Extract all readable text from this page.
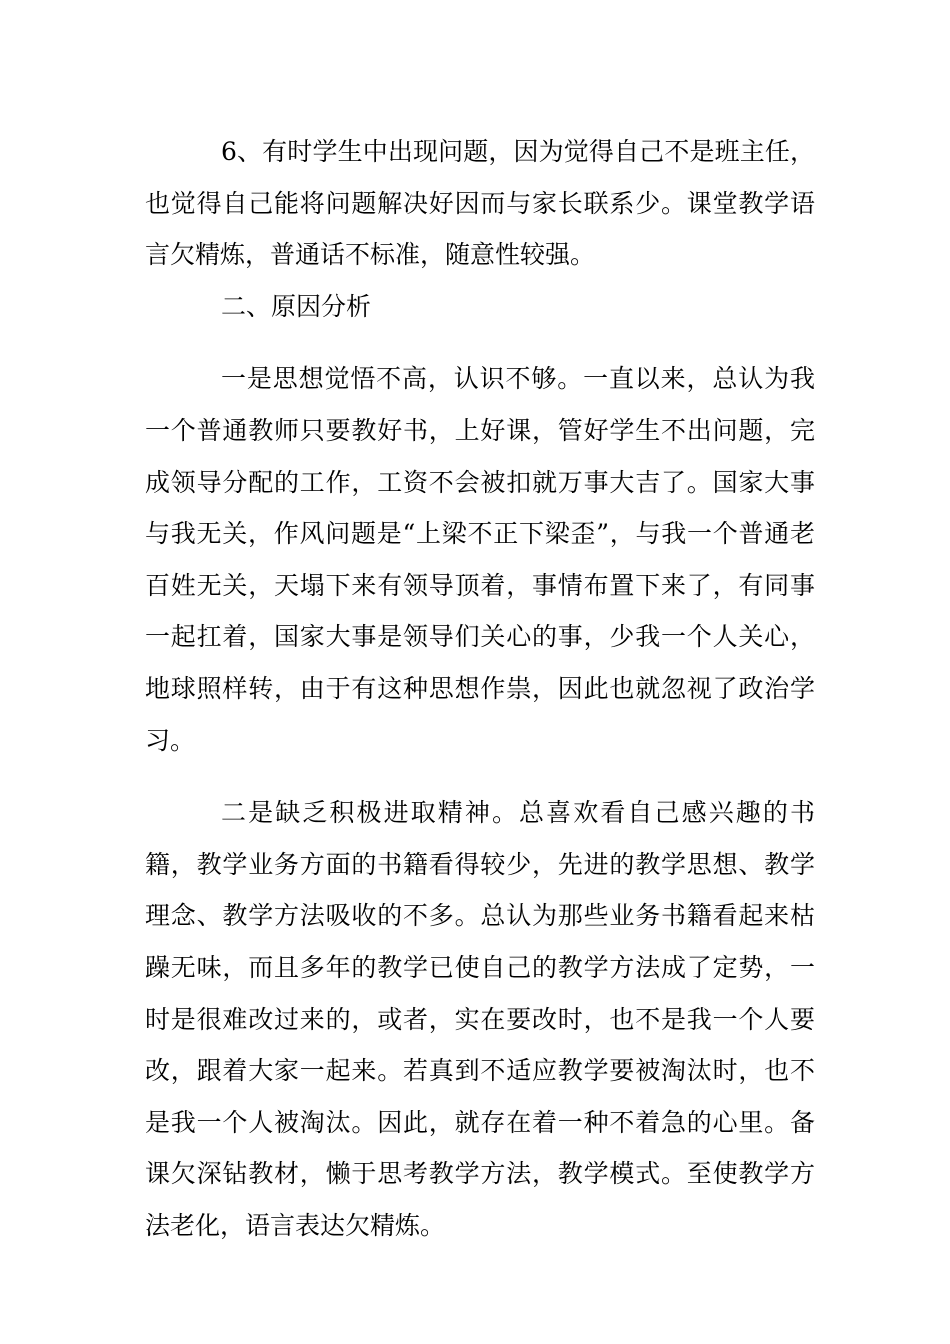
6、有时学生中出现问题，因为觉得自己不是班主任，也觉得自己能将问题解决好因而与家长联系少。课堂教学语言欠精炼，普通话不标准，随意性较强。

二、原因分析

一是思想觉悟不高，认识不够。一直以来，总认为我一个普通教师只要教好书，上好课，管好学生不出问题，完成领导分配的工作，工资不会被扣就万事大吉了。国家大事与我无关，作风问题是“上梁不正下梁歪”，与我一个普通老百姓无关，天塌下来有领导顶着，事情布置下来了，有同事一起扛着，国家大事是领导们关心的事，少我一个人关心，地球照样转，由于有这种思想作祟，因此也就忽视了政治学习。

二是缺乏积极进取精神。总喜欢看自己感兴趣的书籍，教学业务方面的书籍看得较少，先进的教学思想、教学理念、教学方法吸收的不多。总认为那些业务书籍看起来枯躁无味，而且多年的教学已使自己的教学方法成了定势，一时是很难改过来的，或者，实在要改时，也不是我一个人要改，跟着大家一起来。若真到不适应教学要被淘汰时，也不是我一个人被淘汰。因此，就存在着一种不着急的心里。备课欠深钻教材，懒于思考教学方法，教学模式。至使教学方法老化，语言表达欠精炼。
